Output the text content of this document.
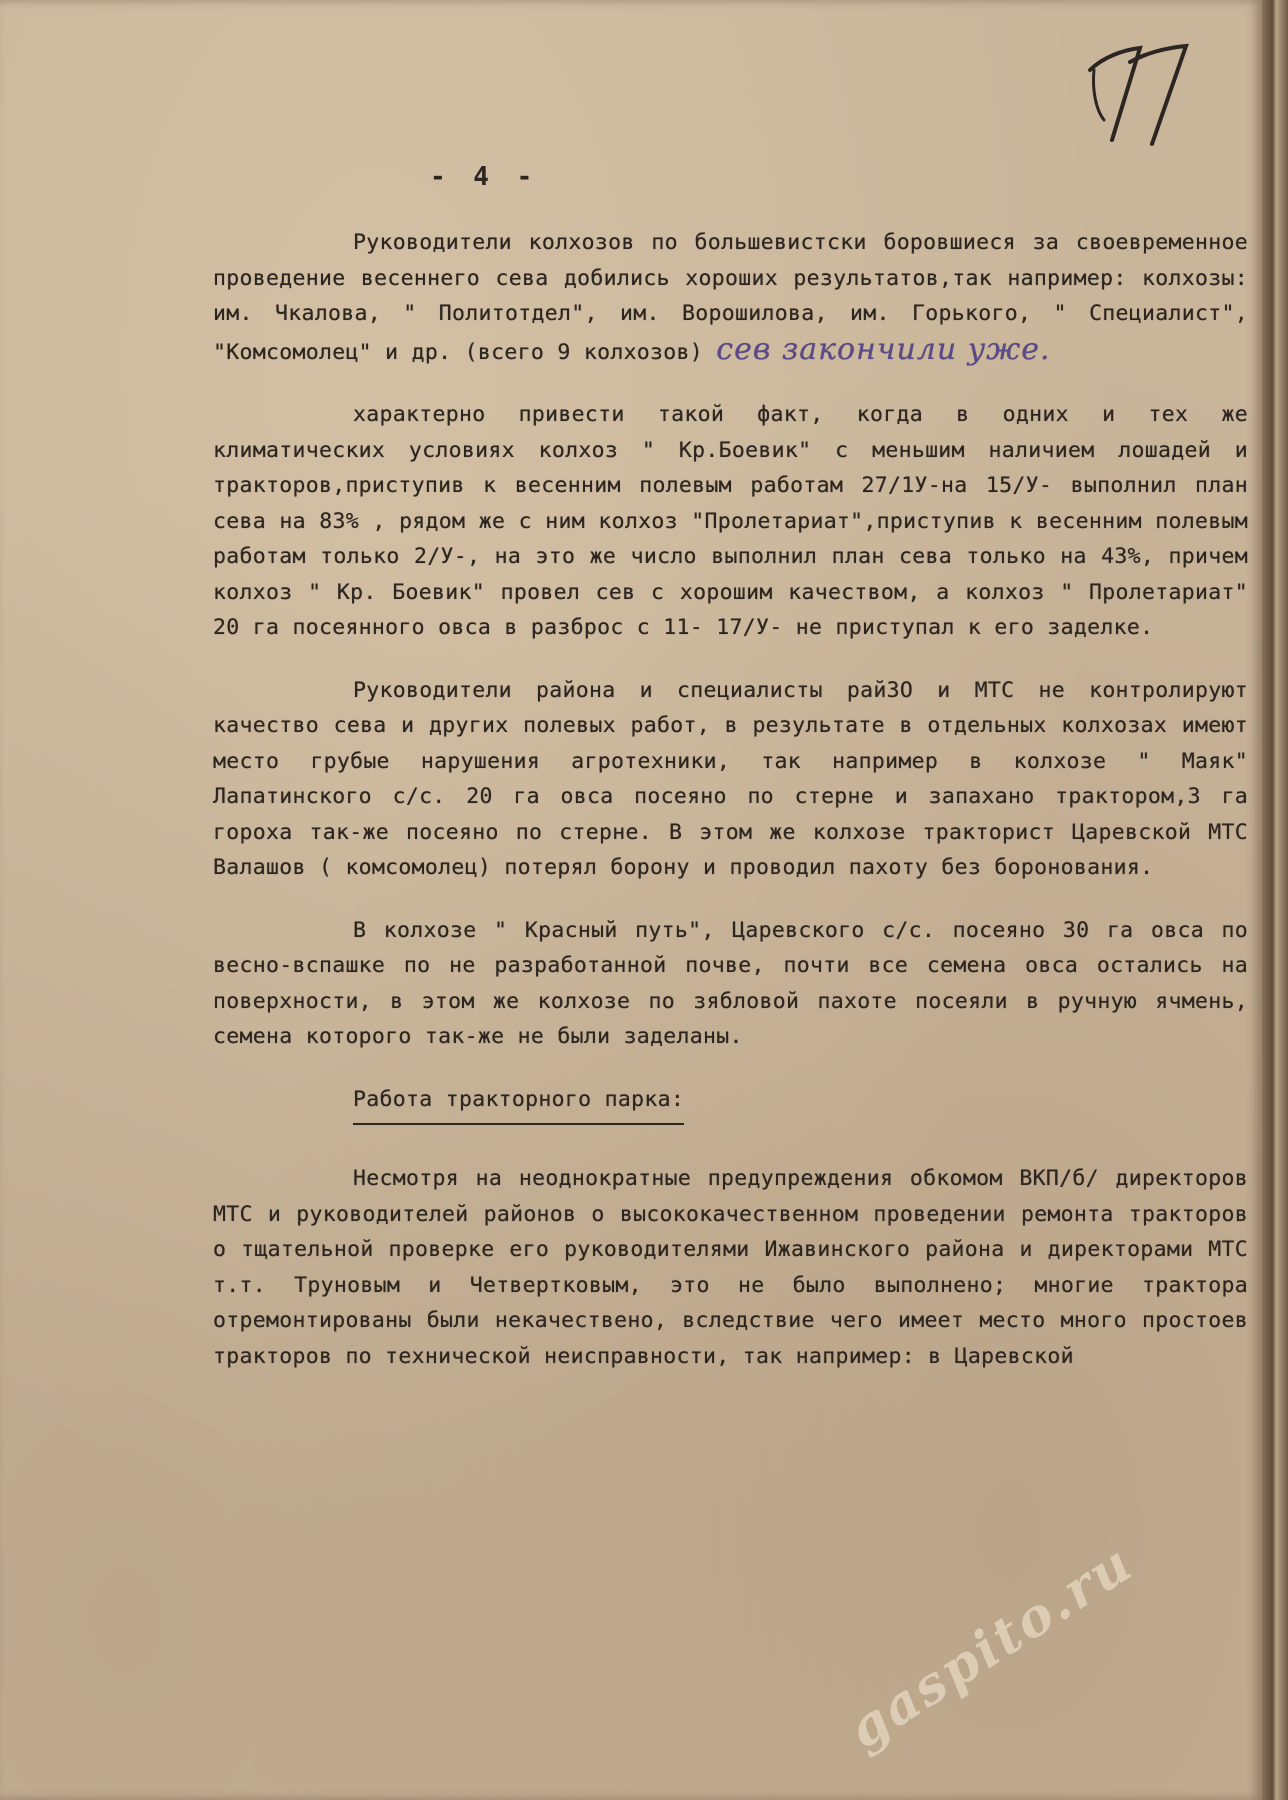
- 4 -

Руководители колхозов по большевистски боровшиеся за своевременное проведение весеннего сева добились хороших результатов,так например: колхозы: им. Чкалова, " Политотдел", им. Ворошилова, им. Горького, " Специалист", "Комсомолец" и др. (всего 9 колхозов) сев закончили уже.

характерно привести такой факт, когда в одних и тех же климатических условиях колхоз " Кр.Боевик" с меньшим наличием лошадей и тракторов,приступив к весенним полевым работам 27/1У-на 15/У- выполнил план сева на 83% , рядом же с ним колхоз "Пролетариат",приступив к весенним полевым работам только 2/У-, на это же число выполнил план сева только на 43%, причем колхоз " Кр. Боевик" провел сев с хорошим качеством, а колхоз " Пролетариат" 20 га посеянного овса в разброс с 11- 17/У- не приступал к его заделке.

Руководители района и специалисты райЗО и МТС не контролируют качество сева и других полевых работ, в результате в отдельных колхозах имеют место грубые нарушения агротехники, так например в колхозе " Маяк" Лапатинского с/с. 20 га овса посеяно по стерне и запахано трактором,3 га гороха так-же посеяно по стерне. В этом же колхозе тракторист Царевской МТС Валашов ( комсомолец) потерял борону и проводил пахоту без боронования.

В колхозе " Красный путь", Царевского с/с. посеяно 30 га овса по весно-вспашке по не разработанной почве, почти все семена овса остались на поверхности, в этом же колхозе по зябловой пахоте посеяли в ручную ячмень, семена которого так-же не были заделаны.

Работа тракторного парка:

Несмотря на неоднократные предупреждения обкомом ВКП/б/ директоров МТС и руководителей районов о высококачественном проведении ремонта тракторов о тщательной проверке его руководителями Ижавинского района и директорами МТС т.т. Труновым и Четвертковым, это не было выполнено; многие трактора отремонтированы были некачествено, вследствие чего имеет место много простоев тракторов по технической неисправности, так например: в Царевской

gaspito.ru
